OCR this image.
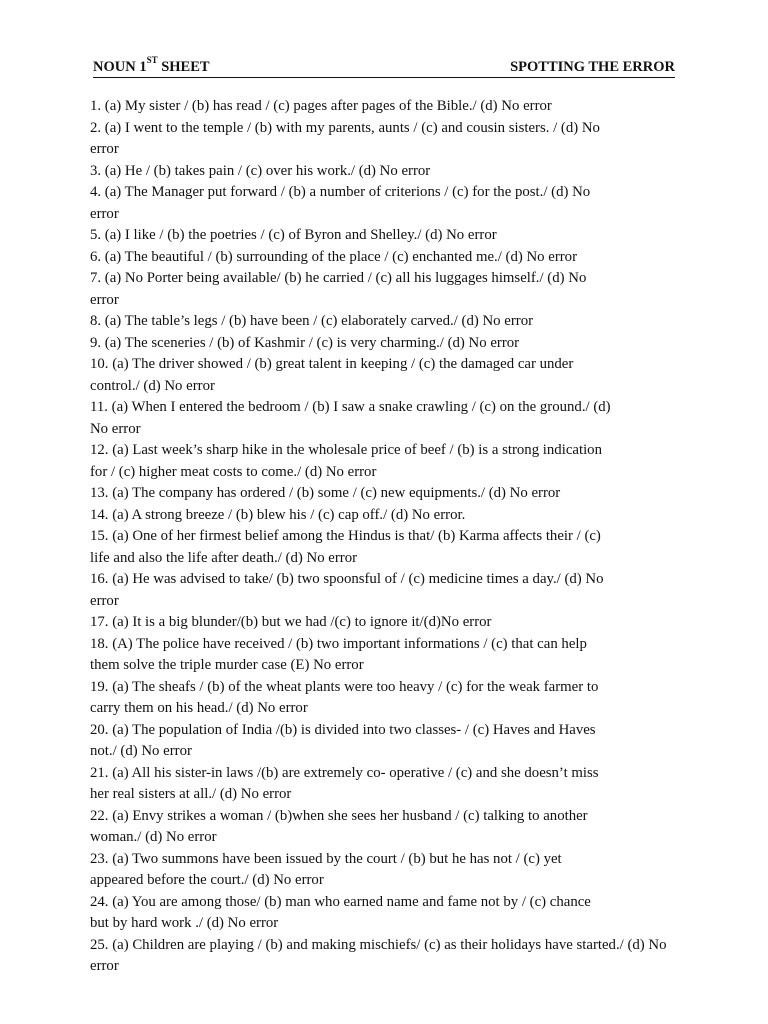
NOUN 1ST SHEET	SPOTTING THE ERROR
1. (a) My sister / (b) has read / (c) pages after pages of the Bible./ (d) No error
2. (a) I went to the temple / (b) with my parents, aunts / (c) and cousin sisters. / (d) No
error
3. (a) He / (b) takes pain / (c) over his work./ (d) No error
4. (a) The Manager put forward / (b) a number of criterions / (c) for the post./ (d) No
error
5. (a) I like / (b) the poetries / (c) of Byron and Shelley./ (d) No error
6. (a) The beautiful / (b) surrounding of the place / (c) enchanted me./ (d) No error
7. (a) No Porter being available/ (b) he carried / (c) all his luggages himself./ (d) No
error
8. (a) The table’s legs / (b) have been / (c) elaborately carved./ (d) No error
9. (a) The sceneries / (b) of Kashmir / (c) is very charming./ (d) No error
10. (a) The driver showed / (b) great talent in keeping / (c) the damaged car under
control./ (d) No error
11. (a) When I entered the bedroom / (b) I saw a snake crawling / (c) on the ground./ (d)
No error
12. (a) Last week’s sharp hike in the wholesale price of beef / (b) is a strong indication
for / (c) higher meat costs to come./ (d) No error
13. (a) The company has ordered / (b) some / (c) new equipments./ (d) No error
14. (a) A strong breeze / (b) blew his / (c) cap off./ (d) No error.
15. (a) One of her firmest belief among the Hindus is that/ (b) Karma affects their / (c)
life and also the life after death./ (d) No error
16. (a) He was advised to take/ (b) two spoonsful of / (c) medicine times a day./ (d) No
error
17. (a) It is a big blunder/(b) but we had /(c) to ignore it/(d)No error
18. (A) The police have received / (b) two important informations / (c) that can help
them solve the triple murder case (E) No error
19. (a) The sheafs / (b) of the wheat plants were too heavy / (c) for the weak farmer to
carry them on his head./ (d) No error
20. (a) The population of India /(b) is divided into two classes- / (c) Haves and Haves
not./ (d) No error
21. (a) All his sister-in laws /(b) are extremely co- operative / (c) and she doesn’t miss
her real sisters at all./ (d) No error
22. (a) Envy strikes a woman / (b)when she sees her husband / (c) talking to another
woman./ (d) No error
23. (a) Two summons have been issued by the court / (b) but he has not / (c) yet
appeared before the court./ (d) No error
24. (a) You are among those/ (b) man who earned name and fame not by / (c) chance
but by hard work ./ (d) No error
25. (a) Children are playing / (b) and making mischiefs/ (c) as their holidays have started./ (d) No
error
